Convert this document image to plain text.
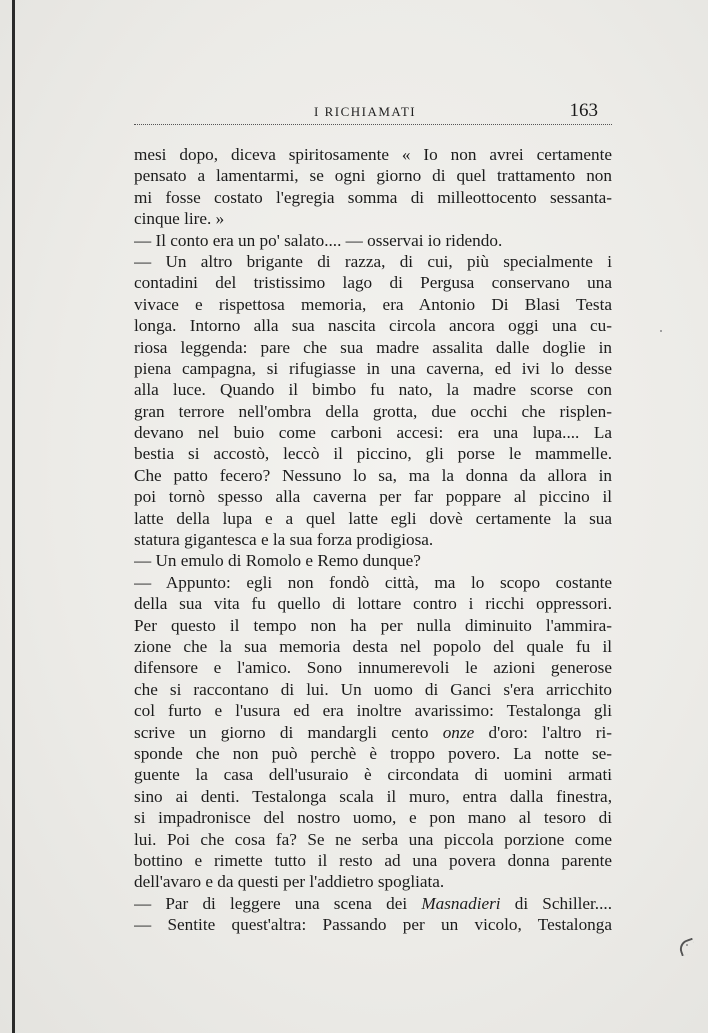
I RICHIAMATI	163
mesi dopo, diceva spiritosamente « Io non avrei certamente
pensato a lamentarmi, se ogni giorno di quel trattamento non
mi fosse costato l'egregia somma di milleottocento sessanta-
cinque lire. »
— Il conto era un po' salato.... — osservai io ridendo.
— Un altro brigante di razza, di cui, più specialmente i
contadini del tristissimo lago di Pergusa conservano una
vivace e rispettosa memoria, era Antonio Di Blasi Testa
longa. Intorno alla sua nascita circola ancora oggi una cu-
riosa leggenda: pare che sua madre assalita dalle doglie in
piena campagna, si rifugiasse in una caverna, ed ivi lo desse
alla luce. Quando il bimbo fu nato, la madre scorse con
gran terrore nell'ombra della grotta, due occhi che risplen-
devano nel buio come carboni accesi: era una lupa.... La
bestia si accostò, leccò il piccino, gli porse le mammelle.
Che patto fecero? Nessuno lo sa, ma la donna da allora in
poi tornò spesso alla caverna per far poppare al piccino il
latte della lupa e a quel latte egli dovè certamente la sua
statura gigantesca e la sua forza prodigiosa.
— Un emulo di Romolo e Remo dunque?
— Appunto: egli non fondò città, ma lo scopo costante
della sua vita fu quello di lottare contro i ricchi oppressori.
Per questo il tempo non ha per nulla diminuito l'ammira-
zione che la sua memoria desta nel popolo del quale fu il
difensore e l'amico. Sono innumerevoli le azioni generose
che si raccontano di lui. Un uomo di Ganci s'era arricchito
col furto e l'usura ed era inoltre avarissimo: Testalonga gli
scrive un giorno di mandargli cento onze d'oro: l'altro ri-
sponde che non può perchè è troppo povero. La notte se-
guente la casa dell'usuraio è circondata di uomini armati
sino ai denti. Testalonga scala il muro, entra dalla finestra,
si impadronisce del nostro uomo, e pon mano al tesoro di
lui. Poi che cosa fa? Se ne serba una piccola porzione come
bottino e rimette tutto il resto ad una povera donna parente
dell'avaro e da questi per l'addietro spogliata.
— Par di leggere una scena dei Masnadieri di Schiller....
— Sentite quest'altra: Passando per un vicolo, Testalonga
